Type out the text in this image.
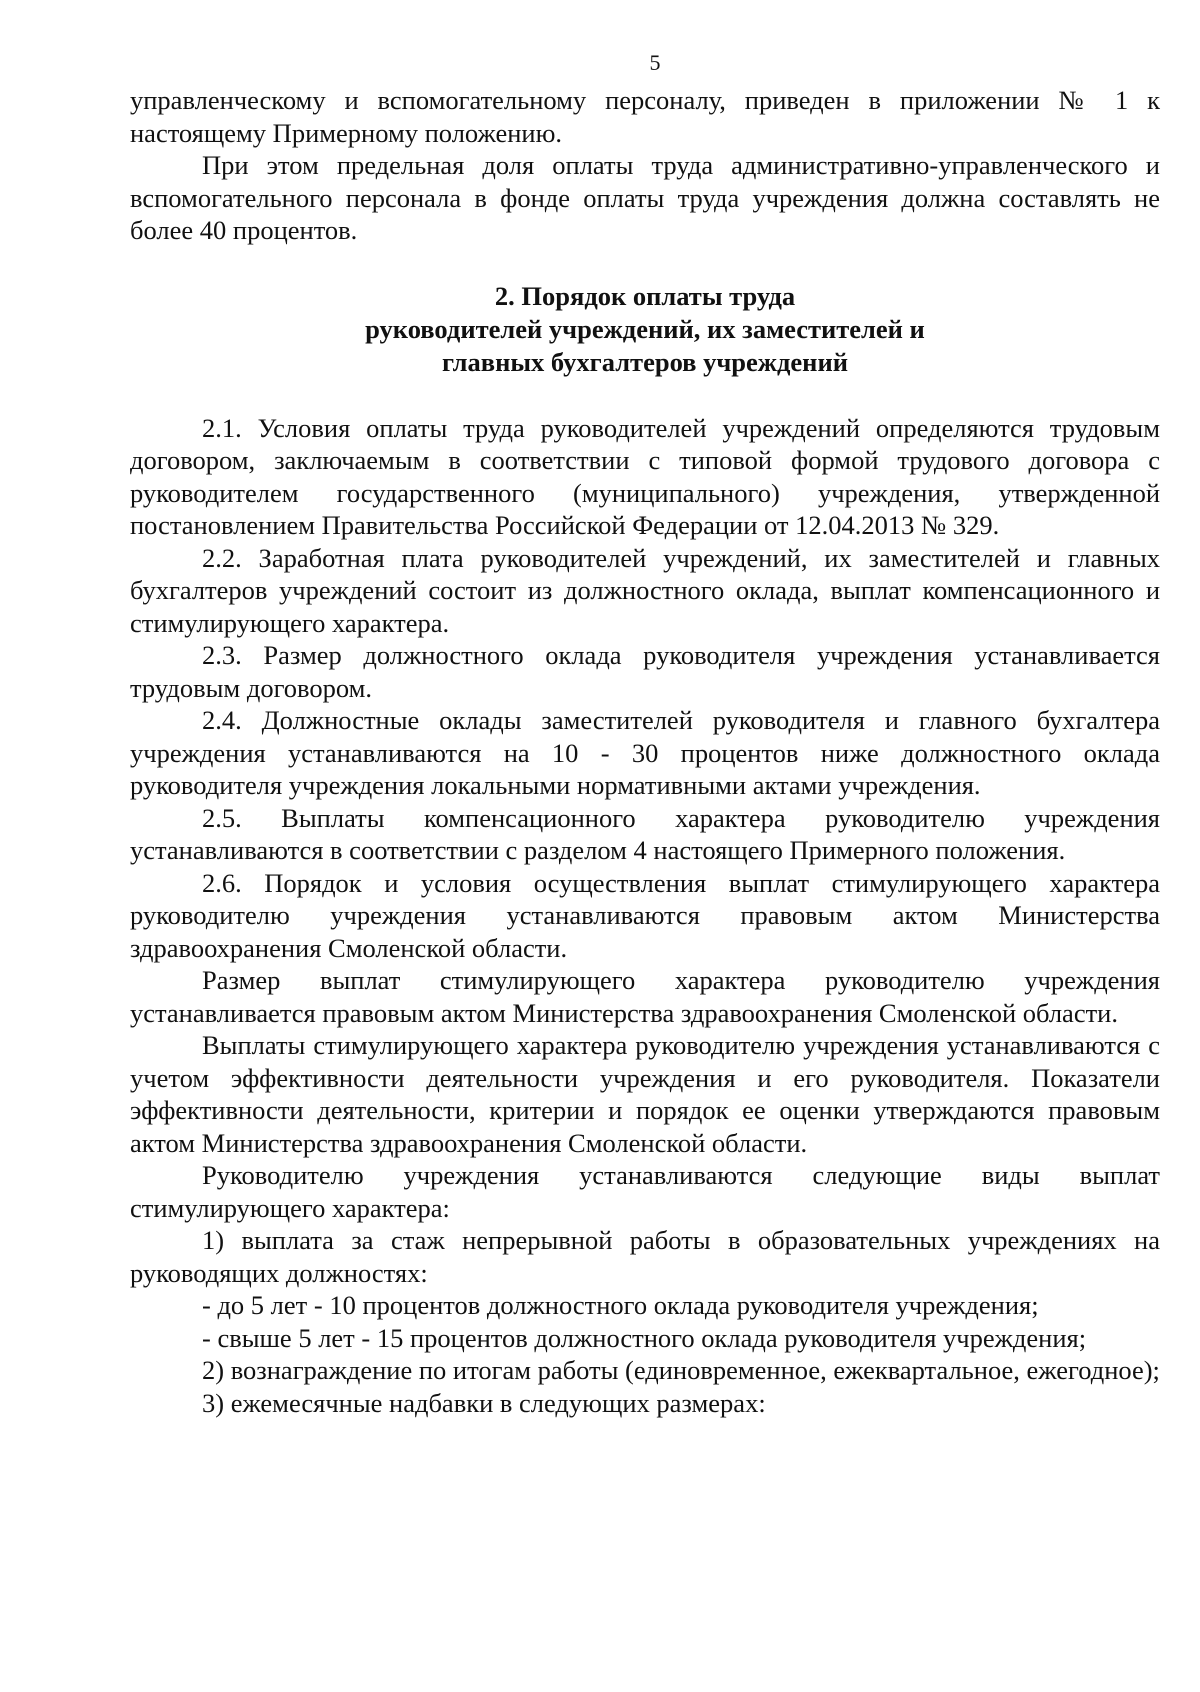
5

управленческому и вспомогательному персоналу, приведен в приложении № 1 к настоящему Примерному положению.

При этом предельная доля оплаты труда административно-управленческого и вспомогательного персонала в фонде оплаты труда учреждения должна составлять не более 40 процентов.

2. Порядок оплаты труда
руководителей учреждений, их заместителей и
главных бухгалтеров учреждений

2.1. Условия оплаты труда руководителей учреждений определяются трудовым договором, заключаемым в соответствии с типовой формой трудового договора с руководителем государственного (муниципального) учреждения, утвержденной постановлением Правительства Российской Федерации от 12.04.2013 № 329.

2.2. Заработная плата руководителей учреждений, их заместителей и главных бухгалтеров учреждений состоит из должностного оклада, выплат компенсационного и стимулирующего характера.

2.3. Размер должностного оклада руководителя учреждения устанавливается трудовым договором.

2.4. Должностные оклады заместителей руководителя и главного бухгалтера учреждения устанавливаются на 10 - 30 процентов ниже должностного оклада руководителя учреждения локальными нормативными актами учреждения.

2.5. Выплаты компенсационного характера руководителю учреждения устанавливаются в соответствии с разделом 4 настоящего Примерного положения.

2.6. Порядок и условия осуществления выплат стимулирующего характера руководителю учреждения устанавливаются правовым актом Министерства здравоохранения Смоленской области.

Размер выплат стимулирующего характера руководителю учреждения устанавливается правовым актом Министерства здравоохранения Смоленской области.

Выплаты стимулирующего характера руководителю учреждения устанавливаются с учетом эффективности деятельности учреждения и его руководителя. Показатели эффективности деятельности, критерии и порядок ее оценки утверждаются правовым актом Министерства здравоохранения Смоленской области.

Руководителю учреждения устанавливаются следующие виды выплат стимулирующего характера:

1) выплата за стаж непрерывной работы в образовательных учреждениях на руководящих должностях:

- до 5 лет - 10 процентов должностного оклада руководителя учреждения;

- свыше 5 лет - 15 процентов должностного оклада руководителя учреждения;

2) вознаграждение по итогам работы (единовременное, ежеквартальное, ежегодное);

3) ежемесячные надбавки в следующих размерах:
